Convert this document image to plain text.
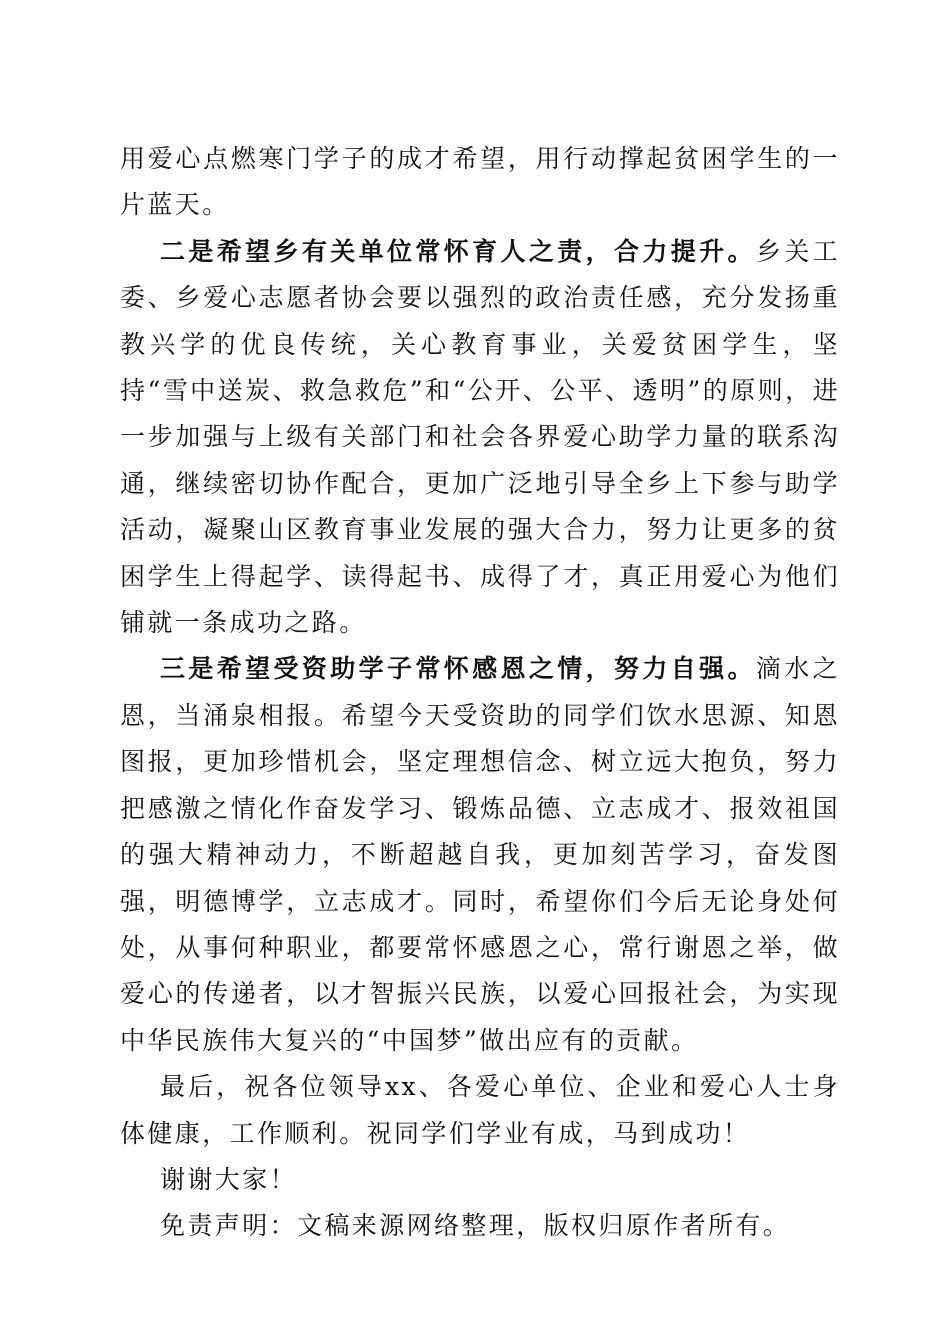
用爱心点燃寒门学子的成才希望，用行动撑起贫困学生的一片蓝天。

二是希望乡有关单位常怀育人之责，合力提升。乡关工委、乡爱心志愿者协会要以强烈的政治责任感，充分发扬重教兴学的优良传统，关心教育事业，关爱贫困学生，坚持“雪中送炭、救急救危”和“公开、公平、透明”的原则，进一步加强与上级有关部门和社会各界爱心助学力量的联系沟通，继续密切协作配合，更加广泛地引导全乡上下参与助学活动，凝聚山区教育事业发展的强大合力，努力让更多的贫困学生上得起学、读得起书、成得了才，真正用爱心为他们铺就一条成功之路。

三是希望受资助学子常怀感恩之情，努力自强。滴水之恩，当涌泉相报。希望今天受资助的同学们饮水思源、知恩图报，更加珍惜机会，坚定理想信念、树立远大抱负，努力把感激之情化作奋发学习、锻炼品德、立志成才、报效祖国的强大精神动力，不断超越自我，更加刻苦学习，奋发图强，明德博学，立志成才。同时，希望你们今后无论身处何处，从事何种职业，都要常怀感恩之心，常行谢恩之举，做爱心的传递者，以才智振兴民族，以爱心回报社会，为实现中华民族伟大复兴的“中国梦”做出应有的贡献。

最后，祝各位领导xx、各爱心单位、企业和爱心人士身体健康，工作顺利。祝同学们学业有成，马到成功！

谢谢大家！

免责声明：文稿来源网络整理，版权归原作者所有。
